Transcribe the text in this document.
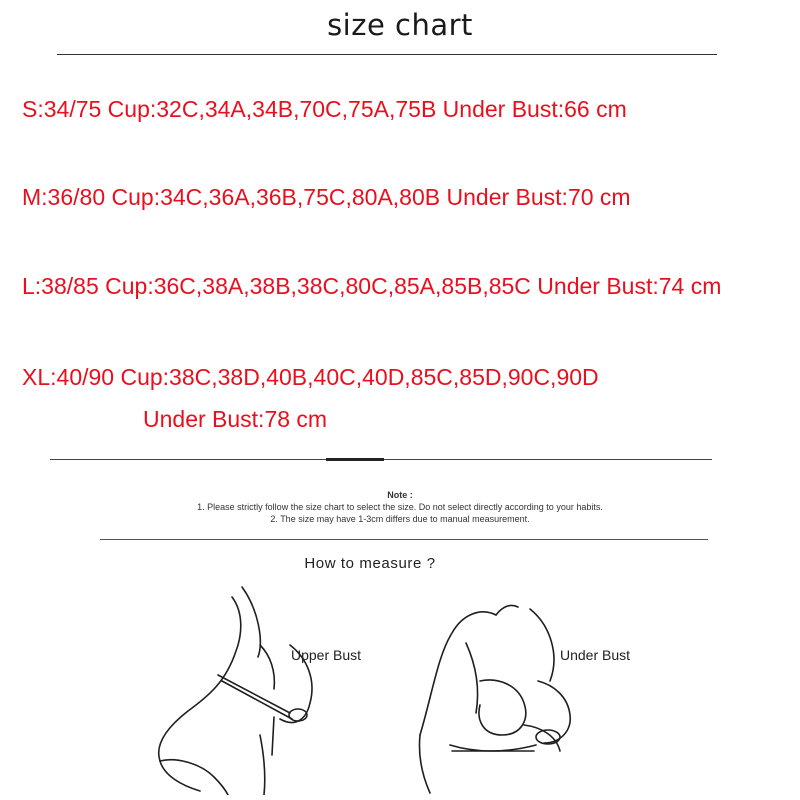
size chart
S:34/75 Cup:32C,34A,34B,70C,75A,75B Under Bust:66 cm
M:36/80 Cup:34C,36A,36B,75C,80A,80B Under Bust:70 cm
L:38/85 Cup:36C,38A,38B,38C,80C,85A,85B,85C Under Bust:74 cm
XL:40/90 Cup:38C,38D,40B,40C,40D,85C,85D,90C,90D
Under Bust:78 cm
Note :
1. Please strictly follow the size chart to select the size. Do not select directly according to your habits.
2. The size may have 1-3cm differs due to manual measurement.
How to measure ?
Upper Bust	Under Bust
